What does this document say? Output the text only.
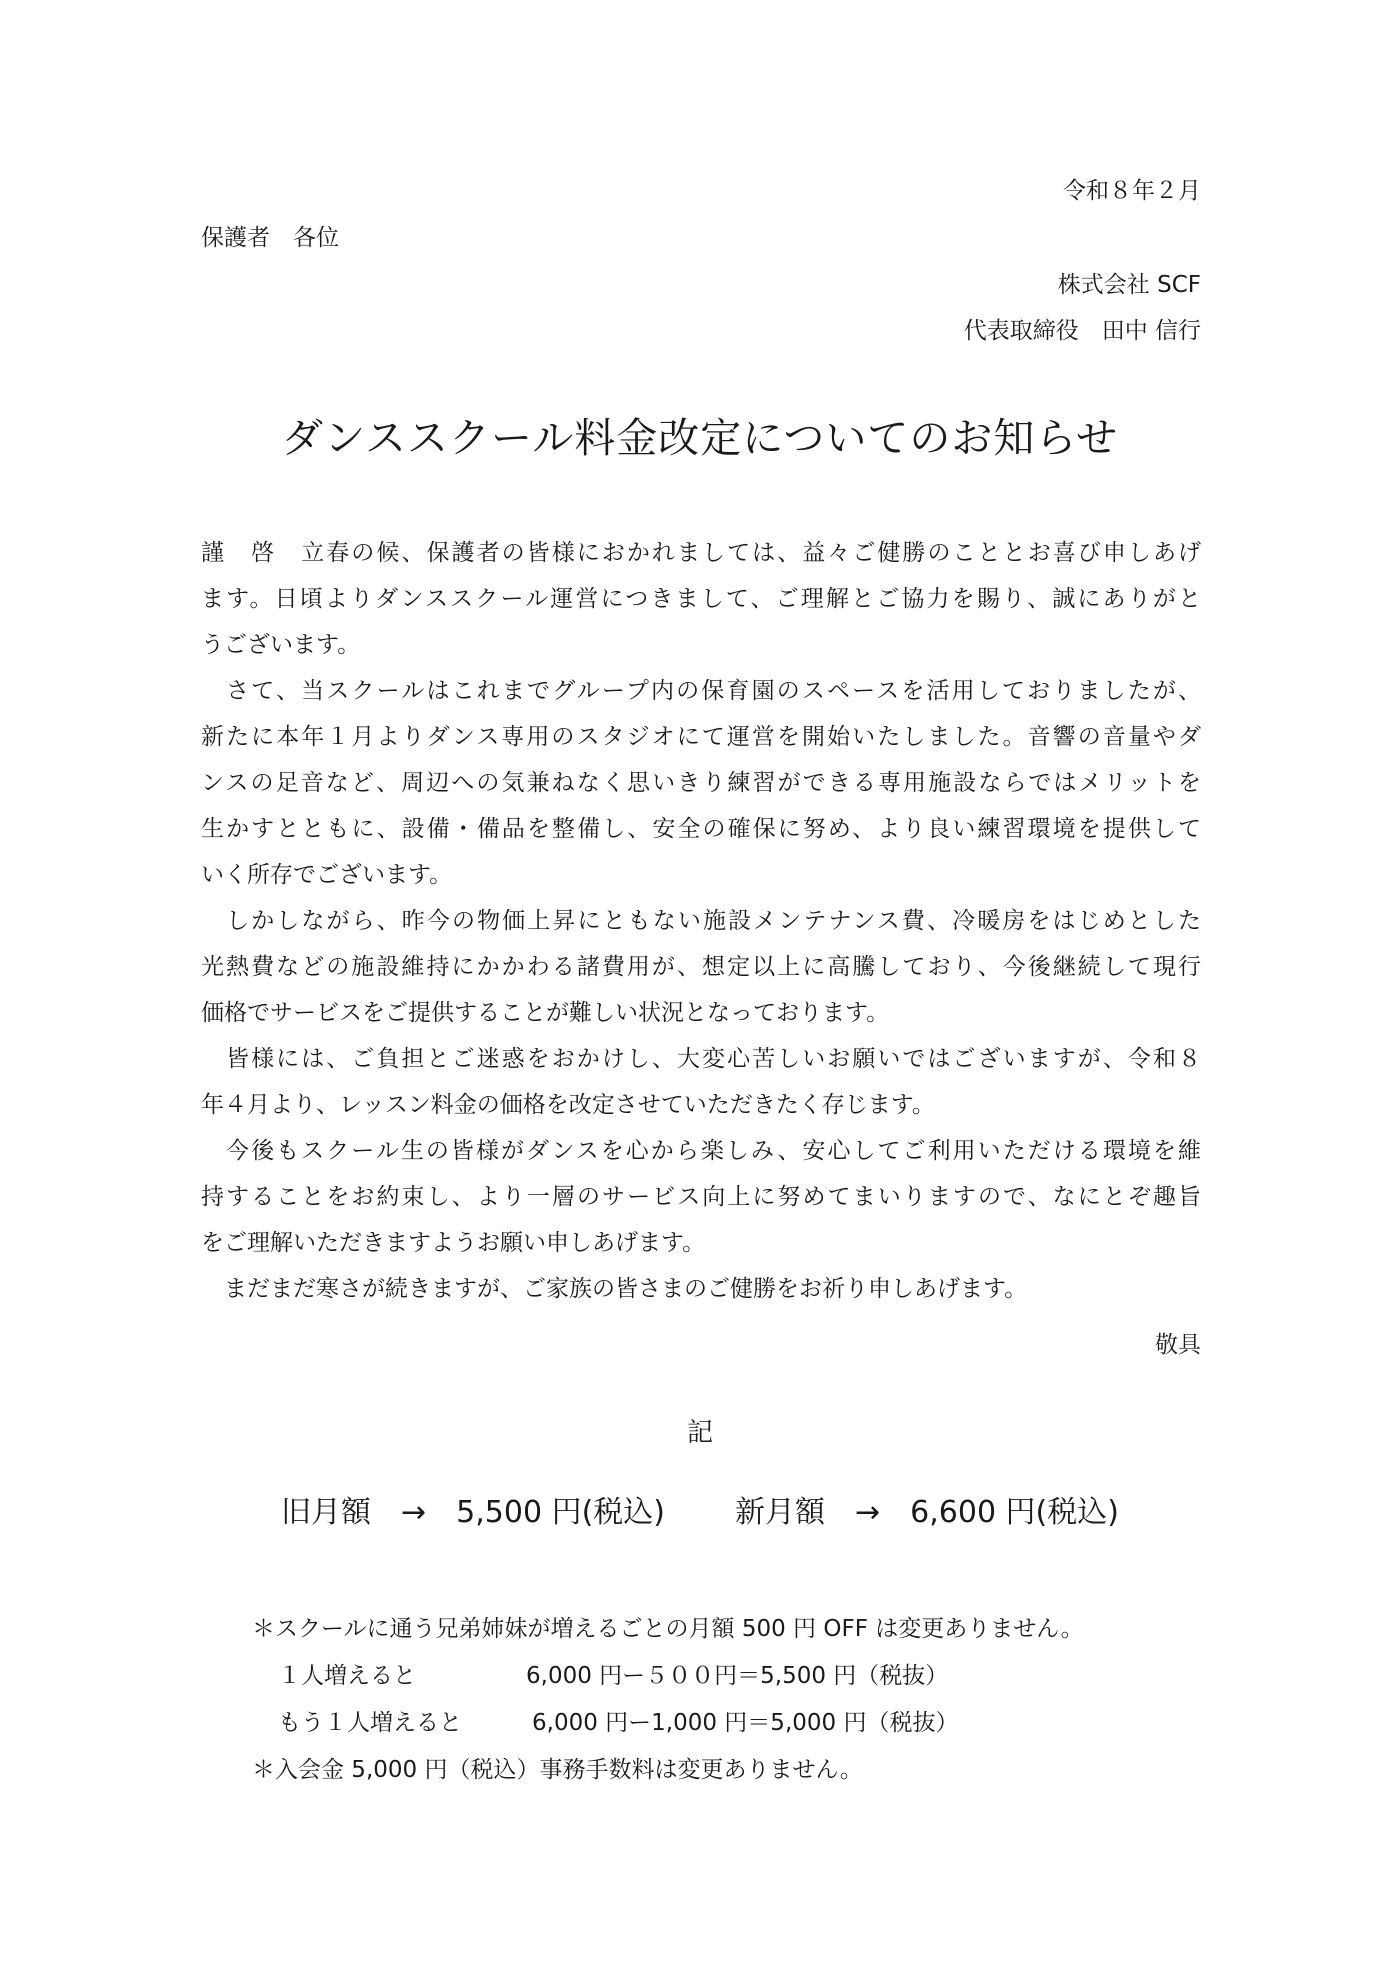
令和８年２月
保護者　各位
株式会社 SCF
代表取締役　田中 信行
ダンススクール料金改定についてのお知らせ
謹　啓　立春の候、保護者の皆様におかれましては、益々ご健勝のこととお喜び申しあげ
ます。日頃よりダンススクール運営につきまして、ご理解とご協力を賜り、誠にありがと
うございます。
　さて、当スクールはこれまでグループ内の保育園のスペースを活用しておりましたが、
新たに本年１月よりダンス専用のスタジオにて運営を開始いたしました。音響の音量やダ
ンスの足音など、周辺への気兼ねなく思いきり練習ができる専用施設ならではメリットを
生かすとともに、設備・備品を整備し、安全の確保に努め、より良い練習環境を提供して
いく所存でございます。
　しかしながら、昨今の物価上昇にともない施設メンテナンス費、冷暖房をはじめとした
光熱費などの施設維持にかかわる諸費用が、想定以上に高騰しており、今後継続して現行
価格でサービスをご提供することが難しい状況となっております。
　皆様には、ご負担とご迷惑をおかけし、大変心苦しいお願いではございますが、令和８
年４月より、レッスン料金の価格を改定させていただきたく存じます。
　今後もスクール生の皆様がダンスを心から楽しみ、安心してご利用いただける環境を維
持することをお約束し、より一層のサービス向上に努めてまいりますので、なにとぞ趣旨
をご理解いただきますようお願い申しあげます。
　まだまだ寒さが続きますが、ご家族の皆さまのご健勝をお祈り申しあげます。
敬具
記
旧月額 → 5,500 円(税込) 新月額 → 6,600 円(税込)
＊スクールに通う兄弟姉妹が増えるごとの月額 500 円 OFF は変更ありません。
１人増えると	6,000 円ー５００円＝5,500 円（税抜）
もう１人増えると	6,000 円ー1,000 円＝5,000 円（税抜）
＊入会金 5,000 円（税込）事務手数料は変更ありません。
